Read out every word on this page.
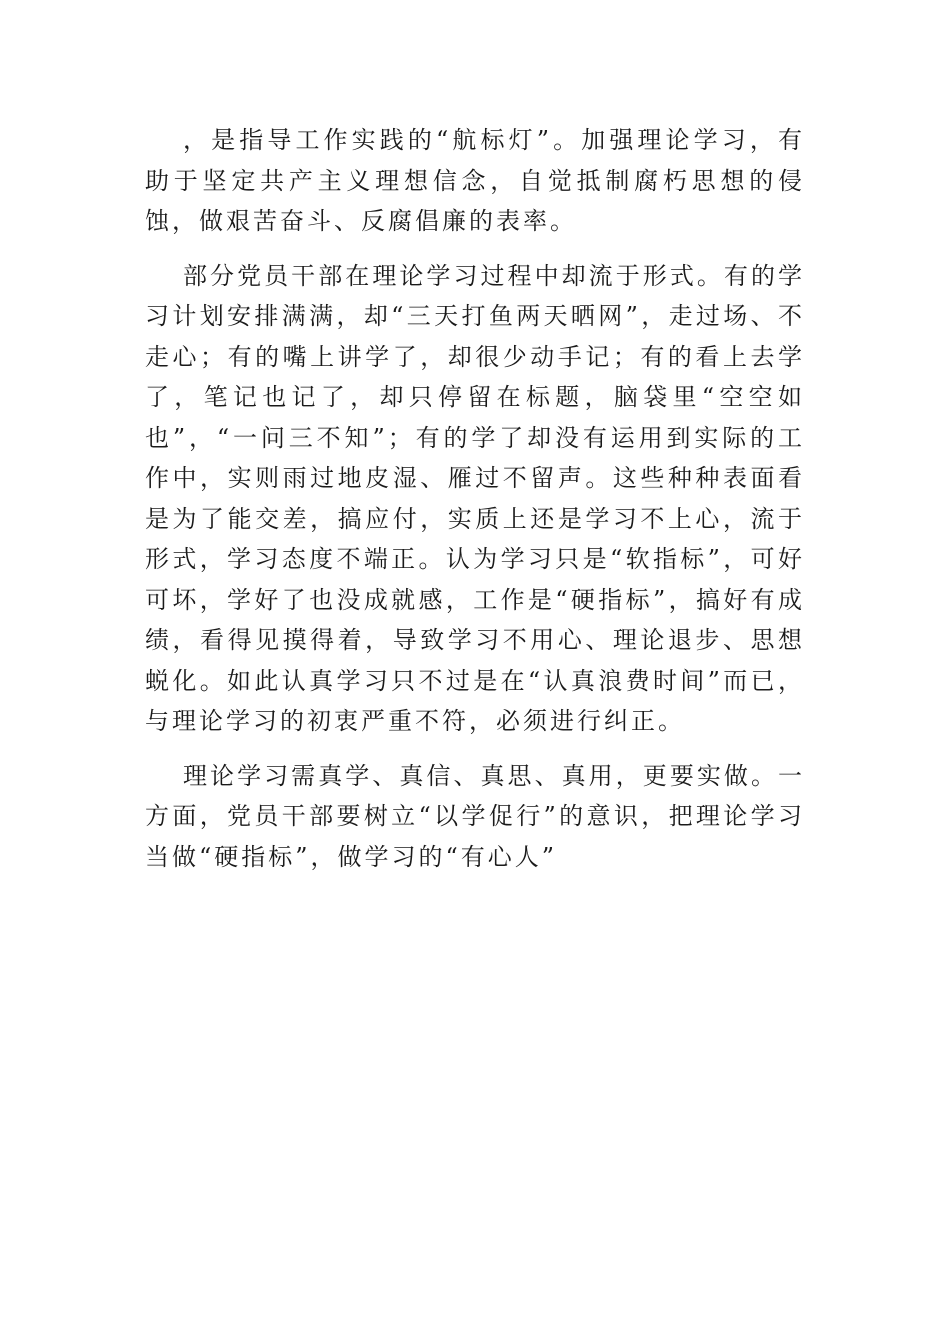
，是指导工作实践的“航标灯”。加强理论学习，有助于坚定共产主义理想信念，自觉抵制腐朽思想的侵蚀，做艰苦奋斗、反腐倡廉的表率。

部分党员干部在理论学习过程中却流于形式。有的学习计划安排满满，却“三天打鱼两天晒网”，走过场、不走心；有的嘴上讲学了，却很少动手记；有的看上去学了，笔记也记了，却只停留在标题，脑袋里“空空如也”，“一问三不知”；有的学了却没有运用到实际的工作中，实则雨过地皮湿、雁过不留声。这些种种表面看是为了能交差，搞应付，实质上还是学习不上心，流于形式，学习态度不端正。认为学习只是“软指标”，可好可坏，学好了也没成就感，工作是“硬指标”，搞好有成绩，看得见摸得着，导致学习不用心、理论退步、思想蜕化。如此认真学习只不过是在“认真浪费时间”而已，与理论学习的初衷严重不符，必须进行纠正。

理论学习需真学、真信、真思、真用，更要实做。一方面，党员干部要树立“以学促行”的意识，把理论学习当做“硬指标”，做学习的“有心人”
